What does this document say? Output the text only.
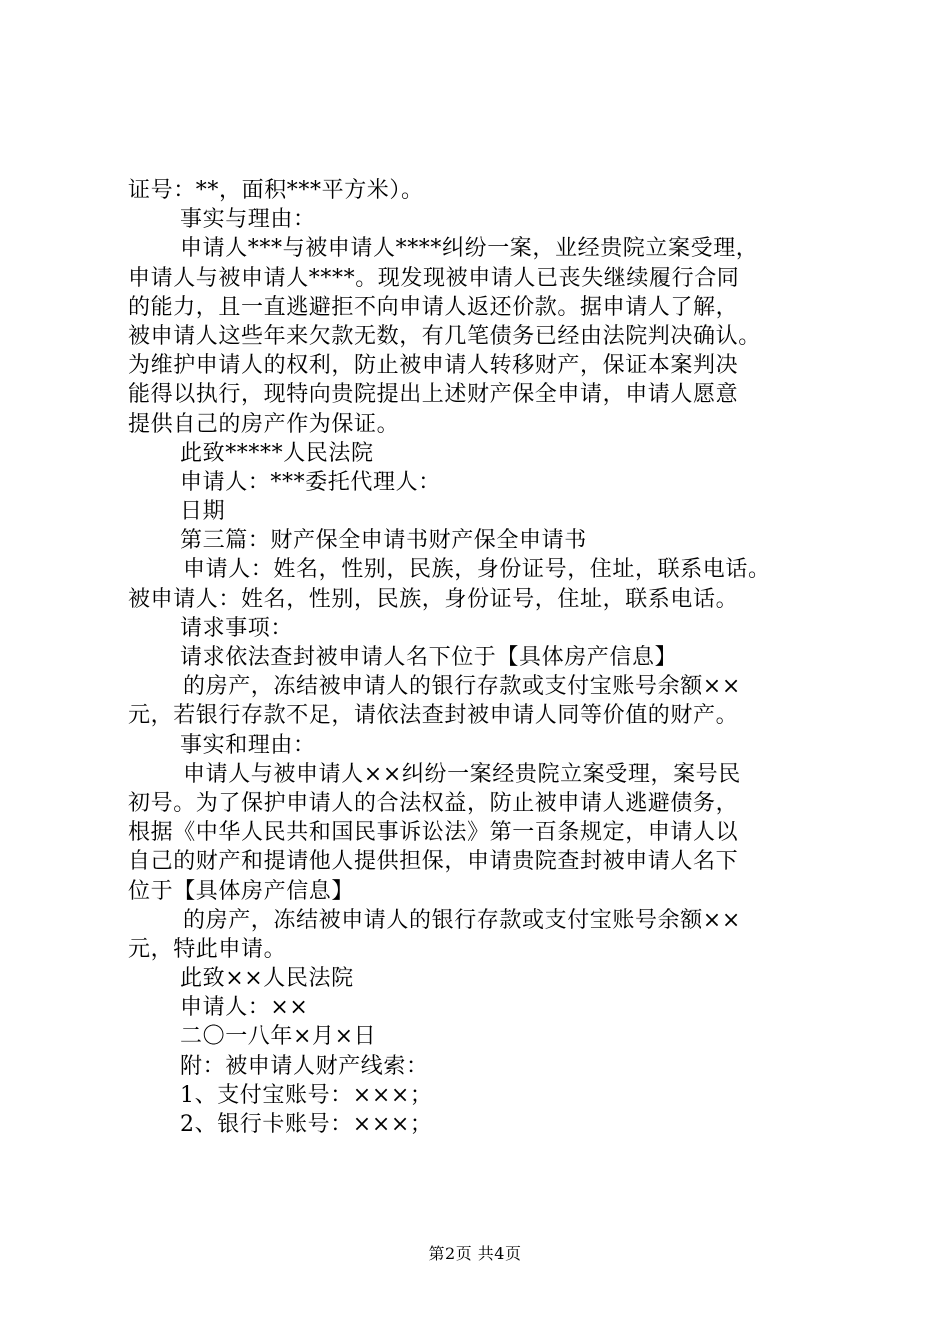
证号：**，面积***平方米）。
事实与理由：
申请人***与被申请人****纠纷一案，业经贵院立案受理，
申请人与被申请人****。现发现被申请人已丧失继续履行合同
的能力，且一直逃避拒不向申请人返还价款。据申请人了解，
被申请人这些年来欠款无数，有几笔债务已经由法院判决确认。
为维护申请人的权利，防止被申请人转移财产，保证本案判决
能得以执行，现特向贵院提出上述财产保全申请，申请人愿意
提供自己的房产作为保证。
此致*****人民法院
申请人：***委托代理人：
日期
第三篇：财产保全申请书财产保全申请书
申请人：姓名，性别，民族，身份证号，住址，联系电话。
被申请人：姓名，性别，民族，身份证号，住址，联系电话。
请求事项：
请求依法查封被申请人名下位于【具体房产信息】
的房产，冻结被申请人的银行存款或支付宝账号余额××
元，若银行存款不足，请依法查封被申请人同等价值的财产。
事实和理由：
申请人与被申请人××纠纷一案经贵院立案受理，案号民
初号。为了保护申请人的合法权益，防止被申请人逃避债务，
根据《中华人民共和国民事诉讼法》第一百条规定，申请人以
自己的财产和提请他人提供担保，申请贵院查封被申请人名下
位于【具体房产信息】
的房产，冻结被申请人的银行存款或支付宝账号余额××
元，特此申请。
此致××人民法院
申请人：××
二〇一八年×月×日
附：被申请人财产线索：
1、支付宝账号：×××；
2、银行卡账号：×××；
第2页 共4页
